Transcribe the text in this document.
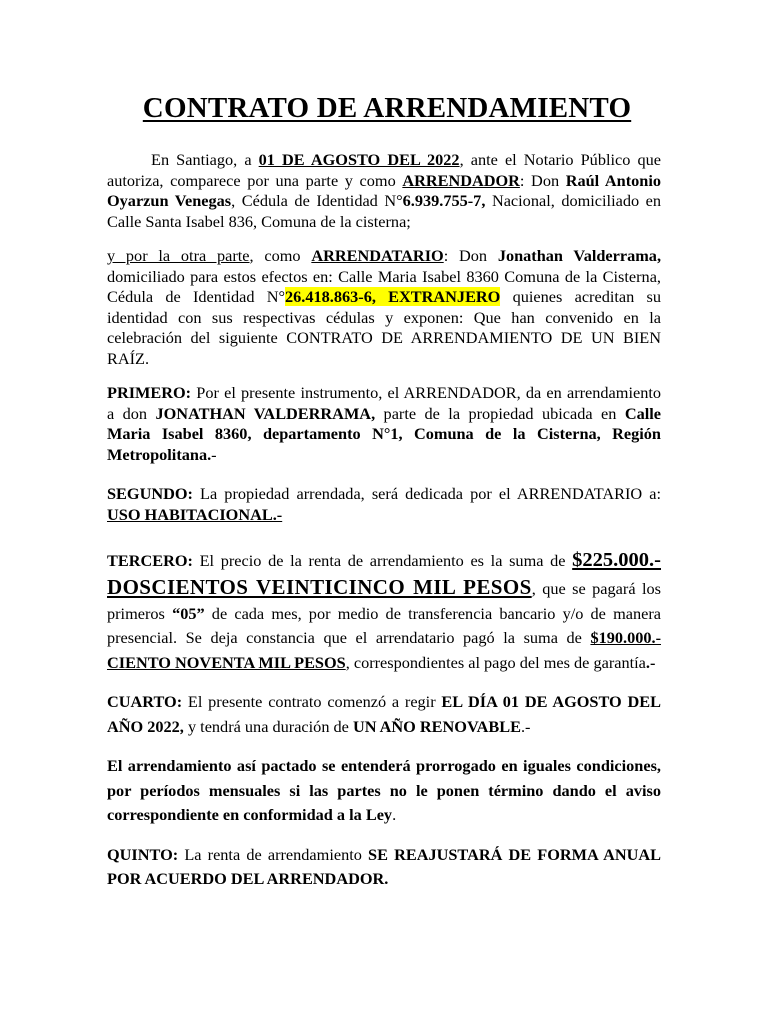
CONTRATO DE ARRENDAMIENTO

En Santiago, a 01 DE AGOSTO DEL 2022, ante el Notario Público que autoriza, comparece por una parte y como ARRENDADOR: Don Raúl Antonio Oyarzun Venegas, Cédula de Identidad N°6.939.755-7, Nacional, domiciliado en Calle Santa Isabel 836, Comuna de la cisterna;

y por la otra parte, como ARRENDATARIO: Don Jonathan Valderrama, domiciliado para estos efectos en: Calle Maria Isabel 8360 Comuna de la Cisterna, Cédula de Identidad N°26.418.863-6, EXTRANJERO quienes acreditan su identidad con sus respectivas cédulas y exponen: Que han convenido en la celebración del siguiente CONTRATO DE ARRENDAMIENTO DE UN BIEN RAÍZ.

PRIMERO: Por el presente instrumento, el ARRENDADOR, da en arrendamiento a don JONATHAN VALDERRAMA, parte de la propiedad ubicada en Calle Maria Isabel 8360, departamento N°1, Comuna de la Cisterna, Región Metropolitana.-

SEGUNDO: La propiedad arrendada, será dedicada por el ARRENDATARIO a: USO HABITACIONAL.-

TERCERO: El precio de la renta de arrendamiento es la suma de $225.000.- DOSCIENTOS VEINTICINCO MIL PESOS, que se pagará los primeros “05” de cada mes, por medio de transferencia bancario y/o de manera presencial. Se deja constancia que el arrendatario pagó la suma de $190.000.- CIENTO NOVENTA MIL PESOS, correspondientes al pago del mes de garantía.-

CUARTO: El presente contrato comenzó a regir EL DÍA 01 DE AGOSTO DEL AÑO 2022, y tendrá una duración de UN AÑO RENOVABLE.-

El arrendamiento así pactado se entenderá prorrogado en iguales condiciones, por períodos mensuales si las partes no le ponen término dando el aviso correspondiente en conformidad a la Ley.

QUINTO: La renta de arrendamiento SE REAJUSTARÁ DE FORMA ANUAL POR ACUERDO DEL ARRENDADOR.
